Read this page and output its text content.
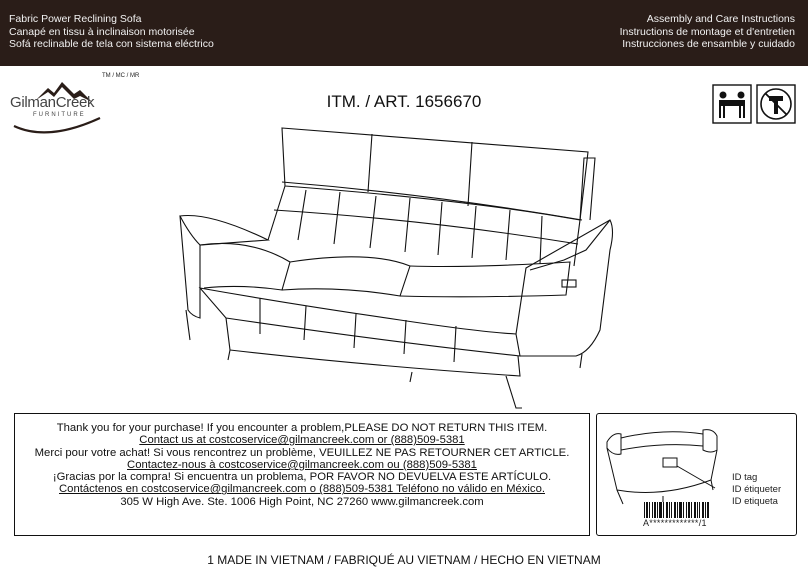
Fabric Power Reclining Sofa
Canapé en tissu à inclinaison motorisée
Sofá reclinable de tela con sistema eléctrico
Assembly and Care Instructions
Instructions de montage et d'entretien
Instrucciones de ensamble y cuidado
TM / MC / MR
GilmanCreek
FURNITURE
ITM. / ART. 1656670
Thank you for your purchase! If you encounter a problem,PLEASE DO NOT RETURN THIS ITEM.
Contact us at costcoservice@gilmancreek.com or (888)509-5381
Merci pour votre achat! Si vous rencontrez un problème, VEUILLEZ NE PAS RETOURNER CET ARTICLE.
Contactez-nous à costcoservice@gilmancreek.com ou (888)509-5381
¡Gracias por la compra! Si encuentra un problema, POR FAVOR NO DEVUELVA ESTE ARTÍCULO.
Contáctenos en costcoservice@gilmancreek.com o (888)509-5381 Teléfono no válido en México.
305 W High Ave. Ste. 1006 High Point, NC 27260 www.gilmancreek.com
ID tag
ID étiqueter
ID etiqueta
A*************/1
1 MADE IN VIETNAM / FABRIQUÉ AU VIETNAM / HECHO EN VIETNAM
